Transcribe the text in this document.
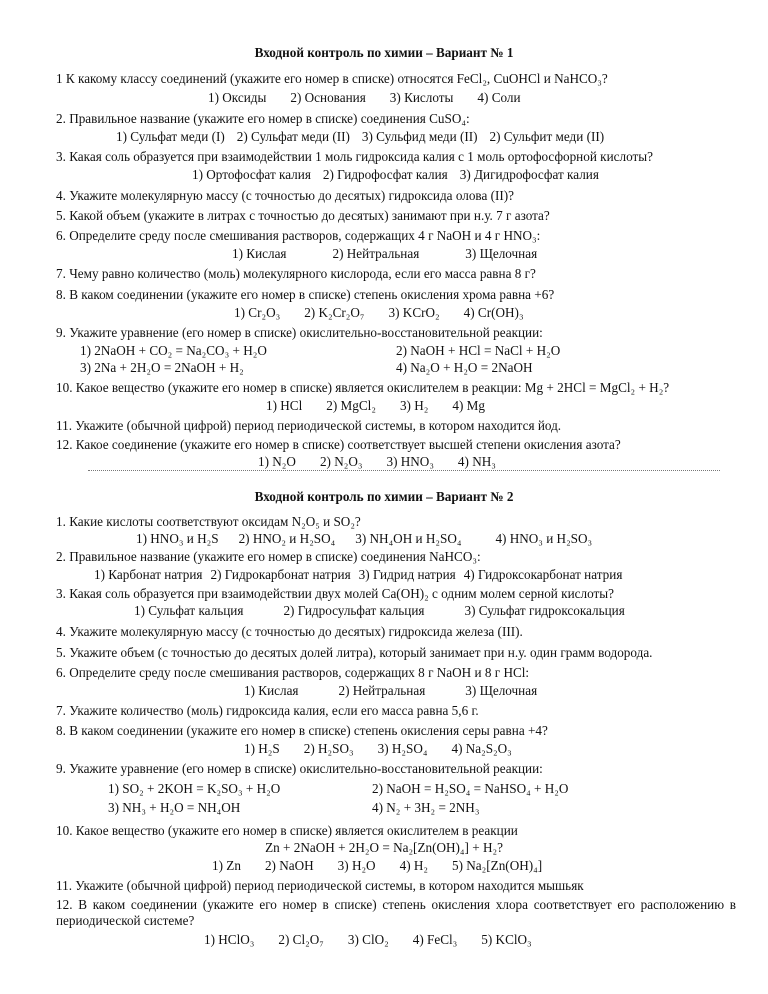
Входной контроль по химии – Вариант № 1
1 К какому классу соединений (укажите его номер в списке) относятся FeCl₂, CuOHCl и NaHCO₃?
1) Оксиды 2) Основания 3) Кислоты 4) Соли
2. Правильное название (укажите его номер в списке) соединения CuSO₄:
1) Сульфат меди (I) 2) Сульфат меди (II) 3) Сульфид меди (II) 2) Сульфит меди (II)
3. Какая соль образуется при взаимодействии 1 моль гидроксида калия с 1 моль ортофосфорной кислоты?
1) Ортофосфат калия 2) Гидрофосфат калия 3) Дигидрофосфат калия
4. Укажите молекулярную массу (с точностью до десятых) гидроксида олова (II)?
5. Какой объем (укажите в литрах с точностью до десятых) занимают при н.у. 7 г азота?
6. Определите среду после смешивания растворов, содержащих 4 г NaOH и 4 г HNO₃:
1) Кислая	2) Нейтральная	3) Щелочная
7. Чему равно количество (моль) молекулярного кислорода, если его масса равна 8 г?
8. В каком соединении (укажите его номер в списке) степень окисления хрома равна +6?
1) Cr₂O₃ 2) K₂Cr₂O₇ 3) KCrO₂ 4) Cr(OH)₃
9. Укажите уравнение (его номер в списке) окислительно-восстановительной реакции:
1) 2NaOH + CO₂ = Na₂CO₃ + H₂O	2) NaOH + HCl = NaCl + H₂O
3) 2Na + 2H₂O = 2NaOH + H₂	4) Na₂O + H₂O = 2NaOH
10. Какое вещество (укажите его номер в списке) является окислителем в реакции: Mg + 2HCl = MgCl₂ + H₂?
1) HCl 2) MgCl₂ 3) H₂ 4) Mg
11. Укажите (обычной цифрой) период периодической системы, в котором находится йод.
12. Какое соединение (укажите его номер в списке) соответствует высшей степени окисления азота?
1) N₂O 2) N₂O₃ 3) HNO₃ 4) NH₃
Входной контроль по химии – Вариант № 2
1. Какие кислоты соответствуют оксидам N₂O₅ и SO₂?
1) HNO₃ и H₂S 2) HNO₂ и H₂SO₄ 3) NH₄OH и H₂SO₄	4) HNO₃ и H₂SO₃
2. Правильное название (укажите его номер в списке) соединения NaHCO₃:
1) Карбонат натрия 2) Гидрокарбонат натрия 3) Гидрид натрия 4) Гидроксокарбонат натрия
3. Какая соль образуется при взаимодействии двух молей Ca(OH)₂ с одним молем серной кислоты?
1) Сульфат кальция	2) Гидросульфат кальция	3) Сульфат гидроксокальция
4. Укажите молекулярную массу (с точностью до десятых) гидроксида железа (III).
5. Укажите объем (с точностью до десятых долей литра), который занимает при н.у. один грамм водорода.
6. Определите среду после смешивания растворов, содержащих 8 г NaOH и 8 г HCl:
1) Кислая	2) Нейтральная	3) Щелочная
7. Укажите количество (моль) гидроксида калия, если его масса равна 5,6 г.
8. В каком соединении (укажите его номер в списке) степень окисления серы равна +4?
1) H₂S 2) H₂SO₃ 3) H₂SO₄ 4) Na₂S₂O₃
9. Укажите уравнение (его номер в списке) окислительно-восстановительной реакции:
1) SO₂ + 2KOH = K₂SO₃ + H₂O	2) NaOH = H₂SO₄ = NaHSO₄ + H₂O
3) NH₃ + H₂O = NH₄OH	4) N₂ + 3H₂ = 2NH₃
10. Какое вещество (укажите его номер в списке) является окислителем в реакции
Zn + 2NaOH + 2H₂O = Na₂[Zn(OH)₄] + H₂?
1) Zn 2) NaOH 3) H₂O 4) H₂ 5) Na₂[Zn(OH)₄]
11. Укажите (обычной цифрой) период периодической системы, в котором находится мышьяк
12. В каком соединении (укажите его номер в списке) степень окисления хлора соответствует его расположению в периодической системе?
1) HClO₃ 2) Cl₂O₇ 3) ClO₂ 4) FeCl₃ 5) KClO₃
